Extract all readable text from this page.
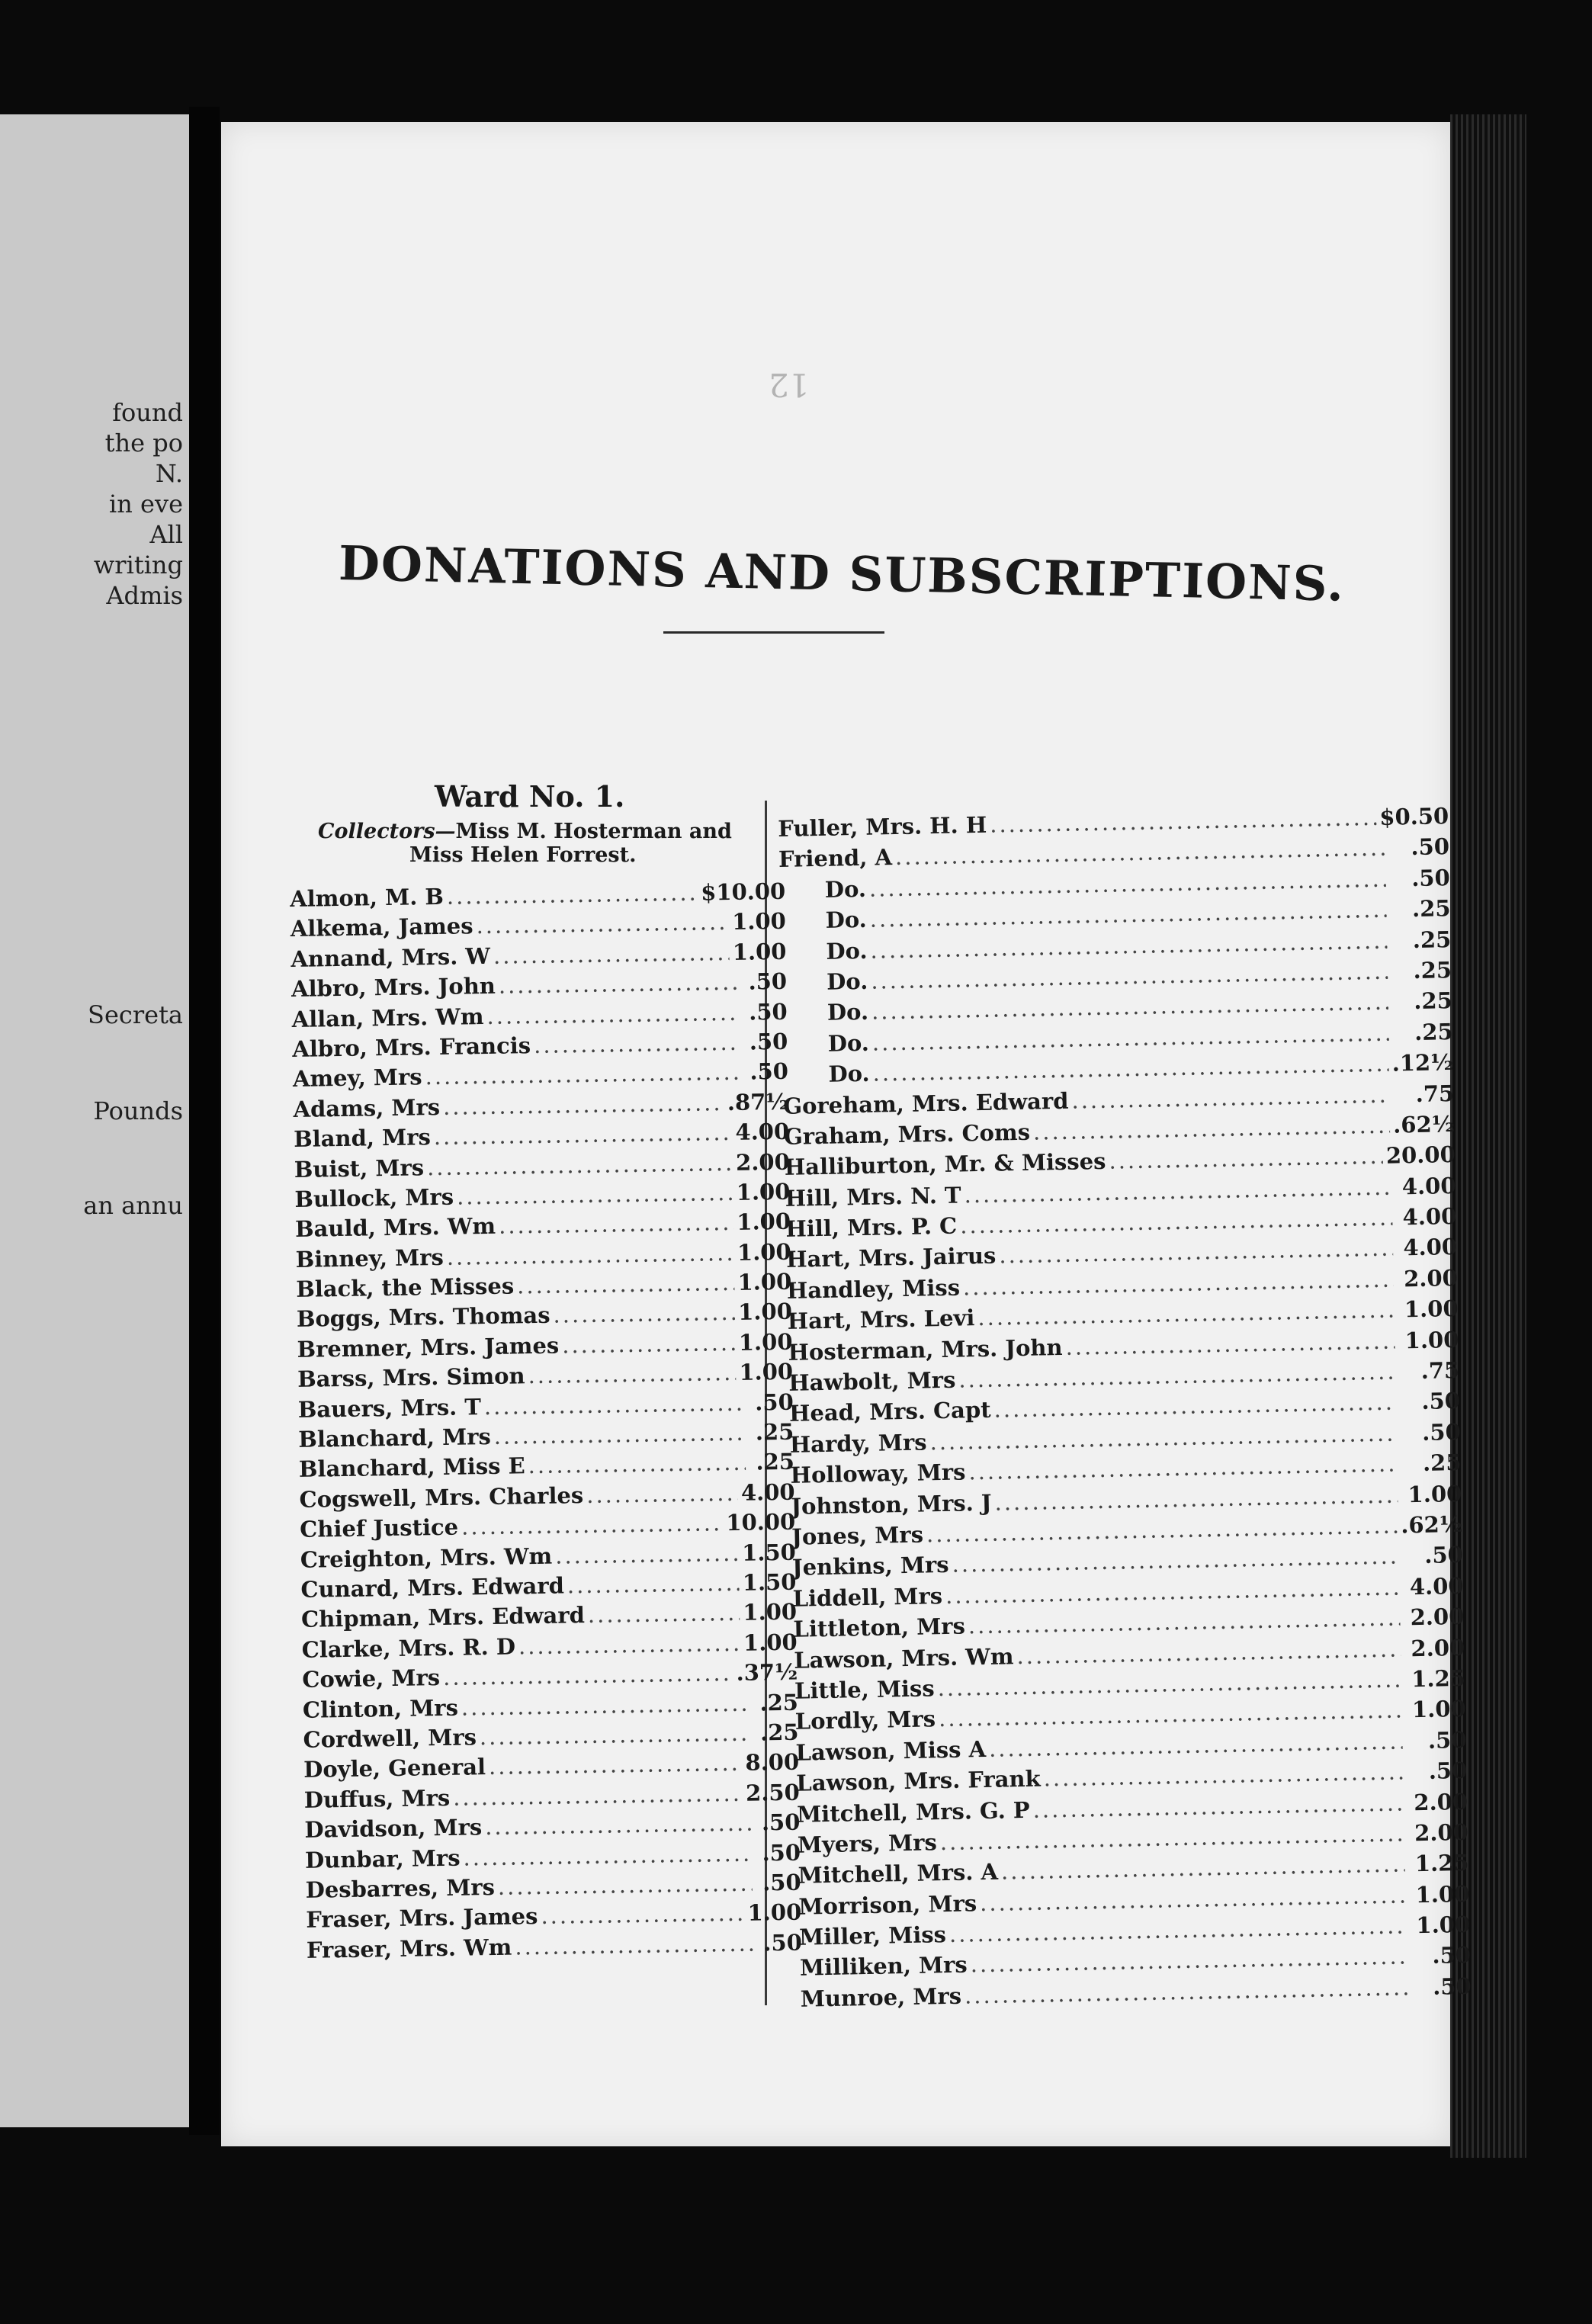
found
the po
N.
in eve
All
writing
Admis
Secreta
Pounds
an annu
12
DONATIONS AND SUBSCRIPTIONS.
Ward No. 1.
Collectors—Miss M. Hosterman and
Miss Helen Forrest.
Almon, M. B .....	$10.00
Alkema, James .....	1.00
Annand, Mrs. W .....	1.00
Albro, Mrs. John .....	.50
Allan, Mrs. Wm .....	.50
Albro, Mrs. Francis .....	.50
Amey, Mrs .....	.50
Adams, Mrs .....	.87½
Bland, Mrs .....	4.00
Buist, Mrs .....	2.00
Bullock, Mrs .....	1.00
Bauld, Mrs. Wm .....	1.00
Binney, Mrs .....	1.00
Black, the Misses .....	1.00
Boggs, Mrs. Thomas .....	1.00
Bremner, Mrs. James .....	1.00
Barss, Mrs. Simon .....	1.00
Bauers, Mrs. T .....	.50
Blanchard, Mrs .....	.25
Blanchard, Miss E .....	.25
Cogswell, Mrs. Charles .....	4.00
Chief Justice .....	10.00
Creighton, Mrs. Wm .....	1.50
Cunard, Mrs. Edward .....	1.50
Chipman, Mrs. Edward .....	1.00
Clarke, Mrs. R. D .....	1.00
Cowie, Mrs .....	.37½
Clinton, Mrs .....	.25
Cordwell, Mrs .....	.25
Doyle, General .....	8.00
Duffus, Mrs .....	2.50
Davidson, Mrs .....	.50
Dunbar, Mrs .....	.50
Desbarres, Mrs .....	.50
Fraser, Mrs. James .....	1.00
Fraser, Mrs. Wm .....	.50
Fuller, Mrs. H. H .....	$0.50
Friend, A .....	.50
Do. .....	.50
Do. .....	.25
Do. .....	.25
Do. .....	.25
Do. .....	.25
Do. .....	.25
Do. .....	.12½
Goreham, Mrs. Edward .....	.75
Graham, Mrs. Coms .....	.62½
Halliburton, Mr. & Misses .....	20.00
Hill, Mrs. N. T .....	4.00
Hill, Mrs. P. C .....	4.00
Hart, Mrs. Jairus .....	4.00
Handley, Miss .....	2.00
Hart, Mrs. Levi .....	1.00
Hosterman, Mrs. John .....	1.00
Hawbolt, Mrs .....	.75
Head, Mrs. Capt .....	.50
Hardy, Mrs .....	.50
Holloway, Mrs .....	.25
Johnston, Mrs. J .....	1.00
Jones, Mrs .....	.62½
Jenkins, Mrs .....	.50
Liddell, Mrs .....	4.00
Littleton, Mrs .....	2.00
Lawson, Mrs. Wm .....	2.00
Little, Miss .....	1.25
Lordly, Mrs .....	1.00
Lawson, Miss A .....	.50
Lawson, Mrs. Frank .....	.50
Mitchell, Mrs. G. P .....	2.00
Myers, Mrs .....	2.00
Mitchell, Mrs. A .....	1.25
Morrison, Mrs .....	1.00
Miller, Miss .....	1.00
Milliken, Mrs .....	.50
Munroe, Mrs .....	.50
